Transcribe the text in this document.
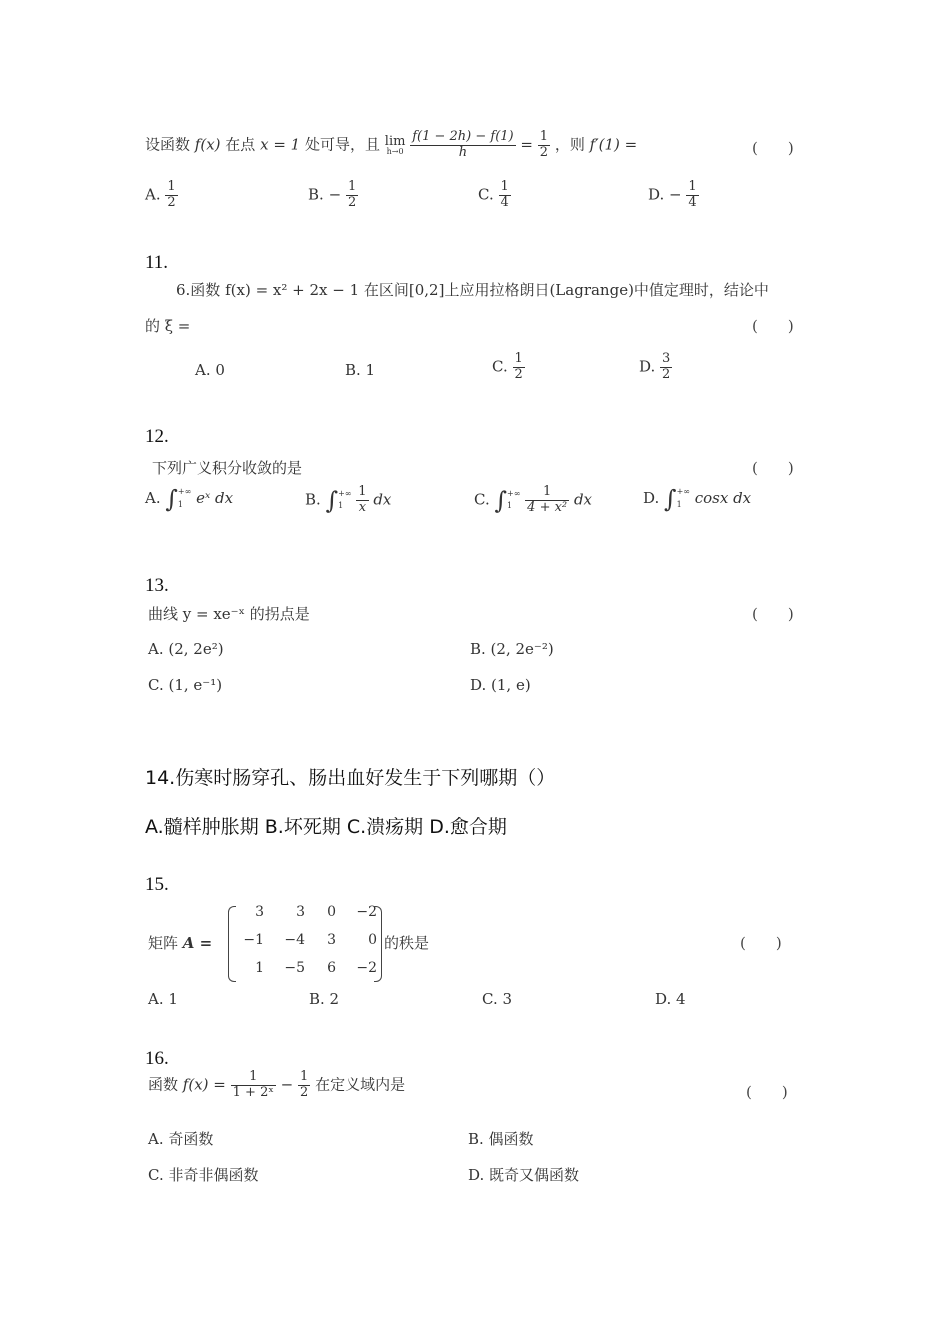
设函数 f(x) 在点 x = 1 处可导，且 lim
h→0
$\frac{f(1 - 2h) - f(1)}{h} = \frac{1}{2}$ ，则 f′(1) =	(　　)
A. $\frac{1}{2}$	B. − $\frac{1}{2}$	C. $\frac{1}{4}$	D. − $\frac{1}{4}$
11.
6.函数 f(x) = x² + 2x − 1 在区间[0,2]上应用拉格朗日(Lagrange)中值定理时，结论中
的 ξ =	(　　)
A. 0	B. 1	C. $\frac{1}{2}$	D. $\frac{3}{2}$
12.
下列广义积分收敛的是	(　　)
A. ∫ +∞
1 eˣ dx	B. ∫ +∞
1
	$\frac{1}{x}$ dx	C. ∫ +∞
1
	$\frac{1}{\text{4 + x²}}$ dx	D. ∫ +∞
1 cosx dx
13.
曲线 y = xe⁻ˣ 的拐点是	(　　)
A. (2, 2e²)	B. (2, 2e⁻²)
C. (1, e⁻¹)	D. (1, e)
14.伤寒时肠穿孔、肠出血好发生于下列哪期（）
A.髓样肿胀期 B.坏死期 C.溃疡期 D.愈合期
15.
矩阵 A =
3	3	0	−2
−1	−4	3	0
1	−5	6	−2
的秩是	(　　)
A. 1	B. 2	C. 3	D. 4
16.
函数 $f(x) = \frac{1}{\text{1 + 2ˣ}} - \frac{1}{2}$ 在定义域内是	(　　)
A. 奇函数	B. 偶函数
C. 非奇非偶函数	D. 既奇又偶函数
